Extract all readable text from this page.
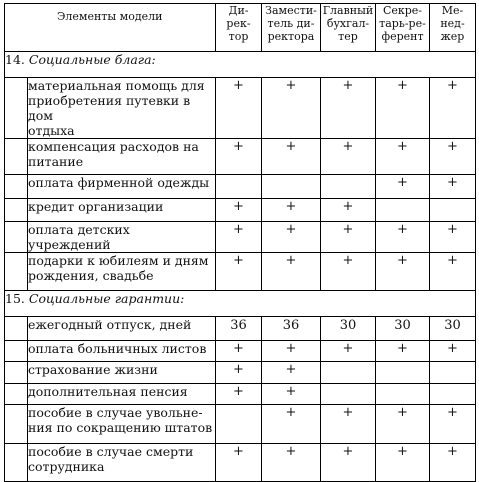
Элементы модели		Ди-
рек-
тор	Замести-
тель ди-
ректора	Главный
бухгал-
тер	Секре-
тарь-ре-
ферент	Ме-
нед-
жер
14. Социальные блага:						
	материальная помощь для
приобретения путевки в дом
отдыха	+	+	+	+	+
	компенсация расходов на
питание	+	+	+	+	+
	оплата фирменной одежды				+	+
	кредит организации	+	+	+		
	оплата детских учреждений	+	+	+	+	+
	подарки к юбилеям и дням
рождения, свадьбе	+	+	+	+	+
15. Социальные гарантии:						
	ежегодный отпуск, дней	36	36	30	30	30
	оплата больничных листов	+	+	+	+	+
	страхование жизни	+	+			
	дополнительная пенсия	+	+			
	пособие в случае увольне-
ния по сокращению штатов		+	+	+	+
	пособие в случае смерти
сотрудника	+	+	+	+	+
